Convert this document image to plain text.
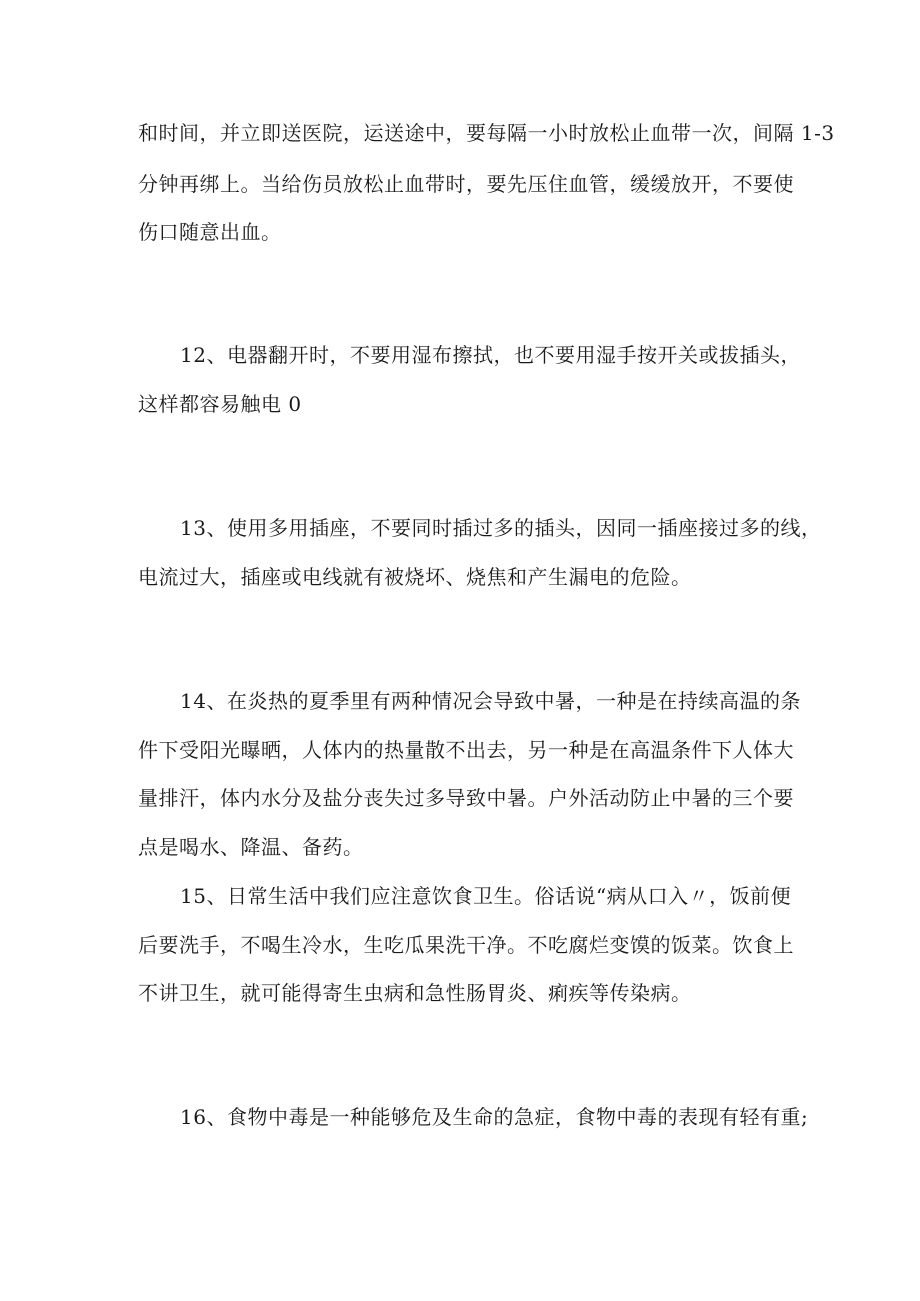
和时间，并立即送医院，运送途中，要每隔一小时放松止血带一次，间隔 1-3
分钟再绑上。当给伤员放松止血带时，要先压住血管，缓缓放开，不要使
伤口随意出血。
12、电器翻开时，不要用湿布擦拭，也不要用湿手按开关或拔插头，
这样都容易触电 0
13、使用多用插座，不要同时插过多的插头，因同一插座接过多的线，
电流过大，插座或电线就有被烧坏、烧焦和产生漏电的危险。
14、在炎热的夏季里有两种情况会导致中暑，一种是在持续高温的条
件下受阳光曝晒，人体内的热量散不出去，另一种是在高温条件下人体大
量排汗，体内水分及盐分丧失过多导致中暑。户外活动防止中暑的三个要
点是喝水、降温、备药。
15、日常生活中我们应注意饮食卫生。俗话说“病从口入〃，饭前便
后要洗手，不喝生冷水，生吃瓜果洗干净。不吃腐烂变馍的饭菜。饮食上
不讲卫生，就可能得寄生虫病和急性肠胃炎、痢疾等传染病。
16、食物中毒是一种能够危及生命的急症，食物中毒的表现有轻有重;
